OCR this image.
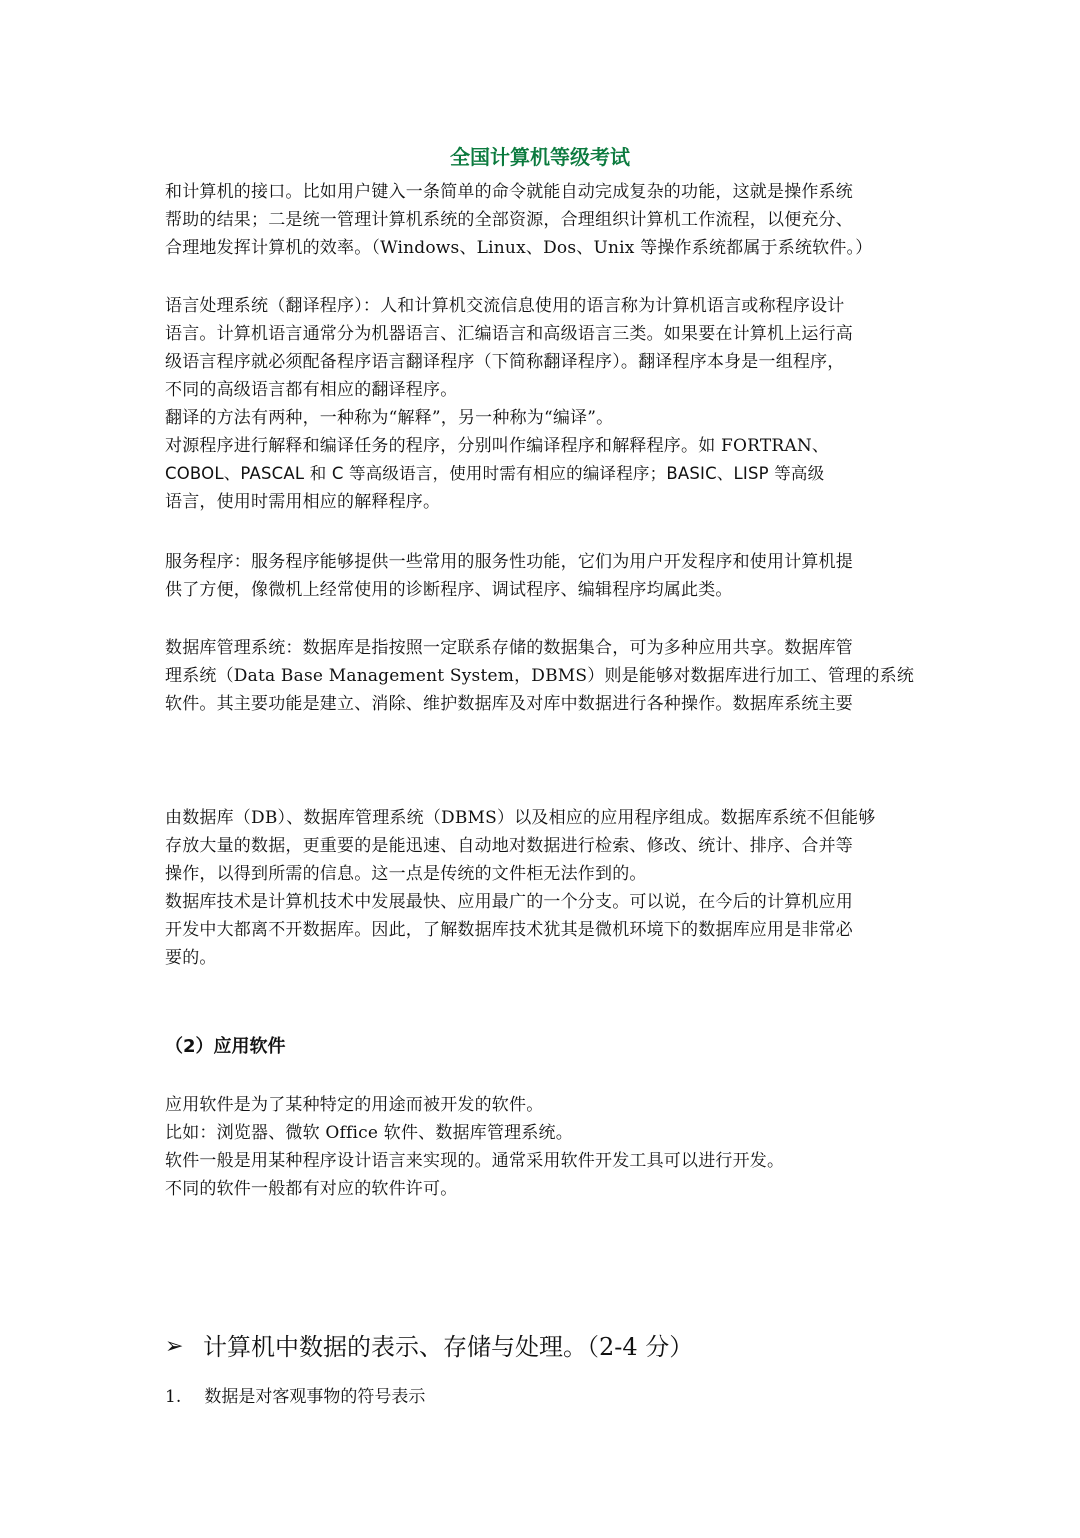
全国计算机等级考试

和计算机的接口。比如用户键入一条简单的命令就能自动完成复杂的功能，这就是操作系统

帮助的结果；二是统一管理计算机系统的全部资源，合理组织计算机工作流程，以便充分、

合理地发挥计算机的效率。（Windows、Linux、Dos、Unix 等操作系统都属于系统软件。）

语言处理系统（翻译程序）：人和计算机交流信息使用的语言称为计算机语言或称程序设计

语言。计算机语言通常分为机器语言、汇编语言和高级语言三类。如果要在计算机上运行高

级语言程序就必须配备程序语言翻译程序（下简称翻译程序）。翻译程序本身是一组程序，

不同的高级语言都有相应的翻译程序。

翻译的方法有两种，一种称为“解释”，另一种称为“编译”。

对源程序进行解释和编译任务的程序，分别叫作编译程序和解释程序。如 FORTRAN、

COBOL、PASCAL 和 C 等高级语言，使用时需有相应的编译程序；BASIC、LISP 等高级

语言，使用时需用相应的解释程序。

服务程序：服务程序能够提供一些常用的服务性功能，它们为用户开发程序和使用计算机提

供了方便，像微机上经常使用的诊断程序、调试程序、编辑程序均属此类。

数据库管理系统：数据库是指按照一定联系存储的数据集合，可为多种应用共享。数据库管

理系统（Data Base Management System，DBMS）则是能够对数据库进行加工、管理的系统

软件。其主要功能是建立、消除、维护数据库及对库中数据进行各种操作。数据库系统主要

由数据库（DB）、数据库管理系统（DBMS）以及相应的应用程序组成。数据库系统不但能够

存放大量的数据，更重要的是能迅速、自动地对数据进行检索、修改、统计、排序、合并等

操作，以得到所需的信息。这一点是传统的文件柜无法作到的。

数据库技术是计算机技术中发展最快、应用最广的一个分支。可以说，在今后的计算机应用

开发中大都离不开数据库。因此，了解数据库技术犹其是微机环境下的数据库应用是非常必

要的。

（2）应用软件

应用软件是为了某种特定的用途而被开发的软件。

比如：浏览器、微软 Office 软件、数据库管理系统。

软件一般是用某种程序设计语言来实现的。通常采用软件开发工具可以进行开发。

不同的软件一般都有对应的软件许可。

➢ 计算机中数据的表示、存储与处理。（2-4 分）
1. 数据是对客观事物的符号表示
